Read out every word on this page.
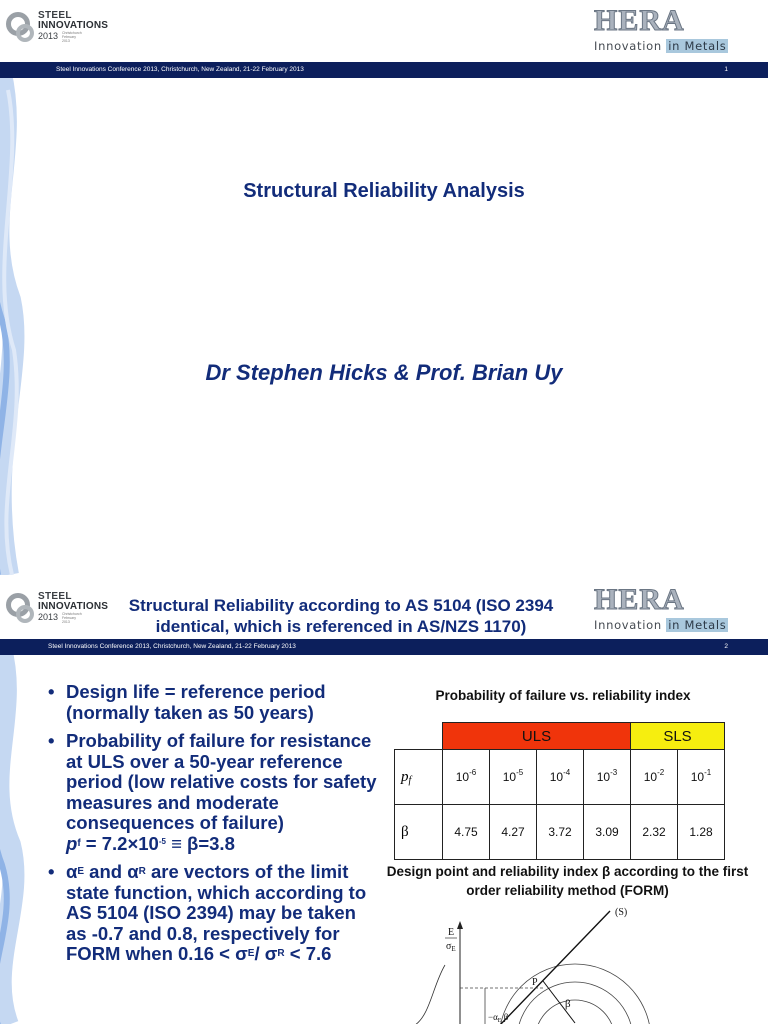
STEEL
INNOVATIONS
2013 Christchurch February 2013
HERA
Innovation in Metals
Steel Innovations Conference 2013, Christchurch, New Zealand, 21-22 February 2013	1
Structural Reliability Analysis
Dr Stephen Hicks & Prof. Brian Uy
STEEL
INNOVATIONS
2013 Christchurch February 2013
Structural Reliability according to AS 5104 (ISO 2394 identical, which is referenced in AS/NZS 1170)
HERA
Innovation in Metals
Steel Innovations Conference 2013, Christchurch, New Zealand, 21-22 February 2013	2
• Design life = reference period (normally taken as 50 years)
• Probability of failure for resistance at ULS over a 50-year reference period (low relative costs for safety measures and moderate consequences of failure)
pf = $7.2\times 10^{-5} \equiv \beta=3.8$
• αE and αR are vectors of the limit state function, which according to AS 5104 (ISO 2394) may be taken as -0.7 and 0.8, respectively for FORM when 0.16 < σE/ σR < 7.6
Probability of failure vs. reliability index
	ULS				SLS	
pf	$10^{-6}$	$10^{-5}$	$10^{-4}$	$10^{-3}$	$10^{-2}$	$10^{-1}$
β	4.75	4.27	3.72	3.09	2.32	1.28
Design point and reliability index β according to the first order reliability method (FORM)
(S)
E
$\sigma_E$
P
β
$-\alpha_E$ β
